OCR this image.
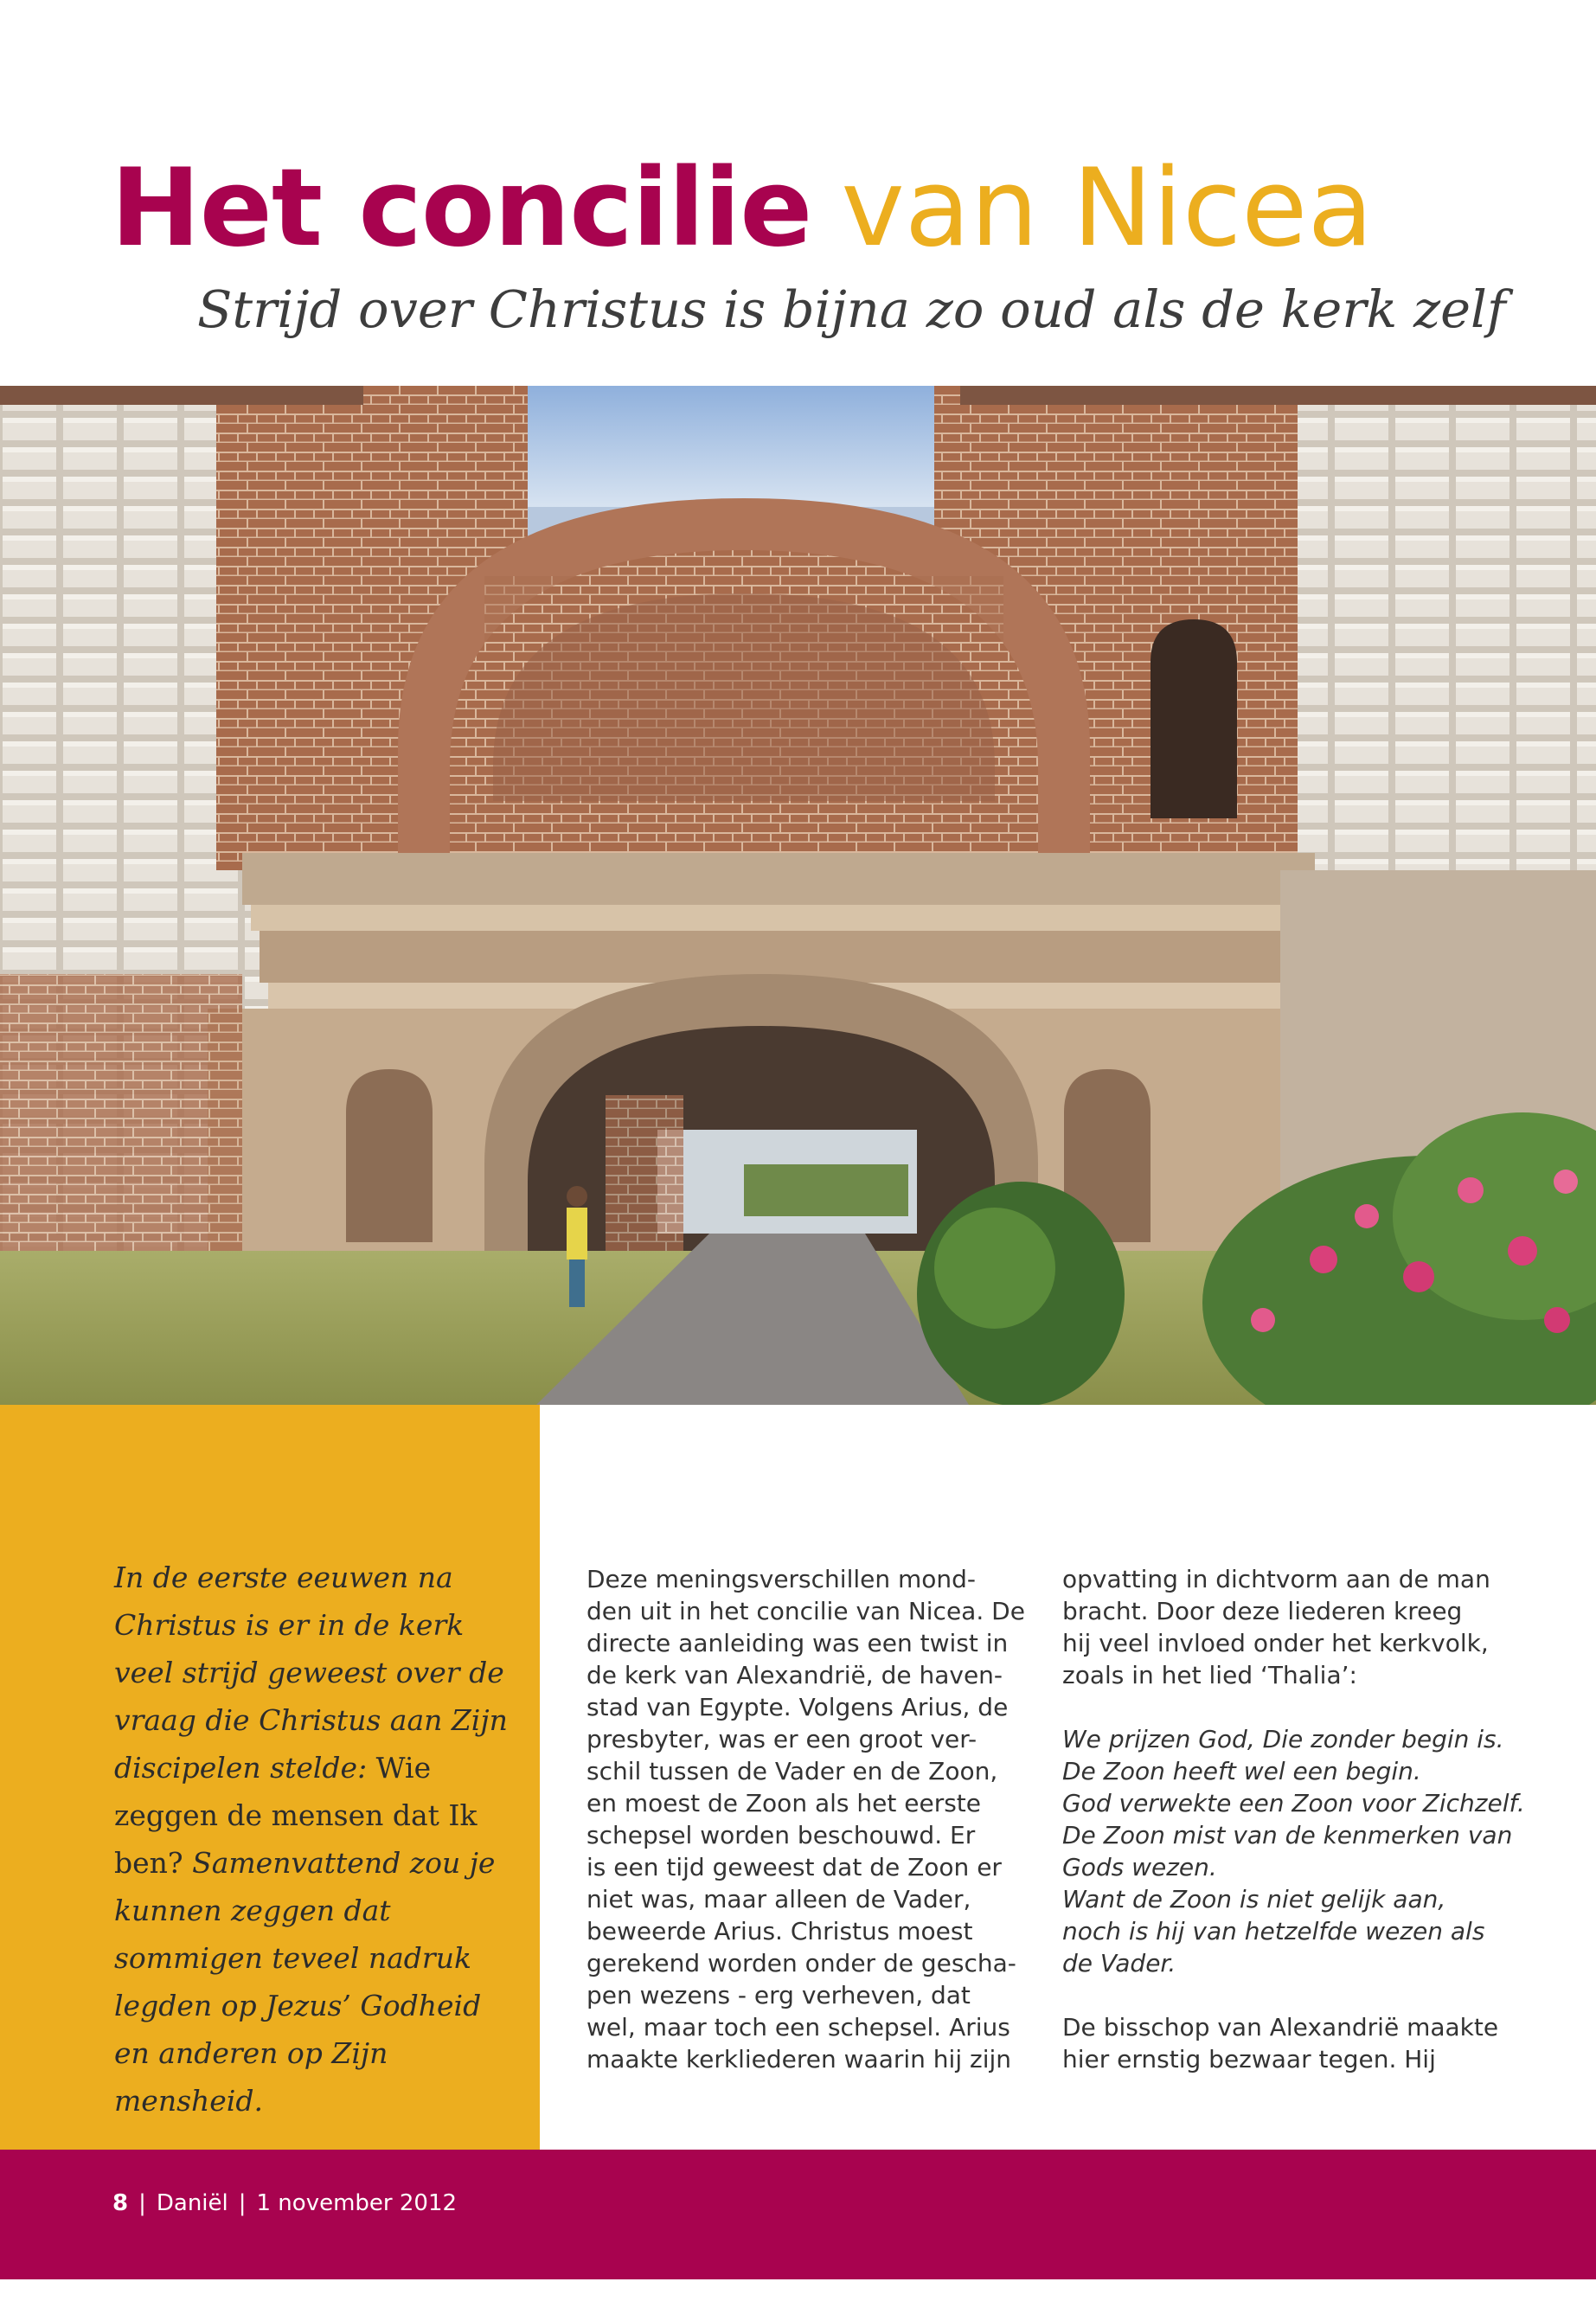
Het concilie van Nicea

Strijd over Christus is bijna zo oud als de kerk zelf

In de eerste eeuwen na Christus is er in de kerk veel strijd geweest over de vraag die Christus aan Zijn discipelen stelde: Wie zeggen de mensen dat Ik ben? Samenvattend zou je kunnen zeggen dat sommigen teveel nadruk legden op Jezus’ Godheid en anderen op Zijn mensheid.

Deze meningsverschillen mond-
den uit in het concilie van Nicea. De
directe aanleiding was een twist in
de kerk van Alexandrië, de haven-
stad van Egypte. Volgens Arius, de
presbyter, was er een groot ver-
schil tussen de Vader en de Zoon,
en moest de Zoon als het eerste
schepsel worden beschouwd. Er
is een tijd geweest dat de Zoon er
niet was, maar alleen de Vader,
beweerde Arius. Christus moest
gerekend worden onder de gescha-
pen wezens - erg verheven, dat
wel, maar toch een schepsel. Arius
maakte kerkliederen waarin hij zijn
opvatting in dichtvorm aan de man
bracht. Door deze liederen kreeg
hij veel invloed onder het kerkvolk,
zoals in het lied ‘Thalia’:
We prijzen God, Die zonder begin is.
De Zoon heeft wel een begin.
God verwekte een Zoon voor Zichzelf.
De Zoon mist van de kenmerken van
Gods wezen.
Want de Zoon is niet gelijk aan,
noch is hij van hetzelfde wezen als
de Vader.
De bisschop van Alexandrië maakte
hier ernstig bezwaar tegen. Hij
8 | Daniël | 1 november 2012
